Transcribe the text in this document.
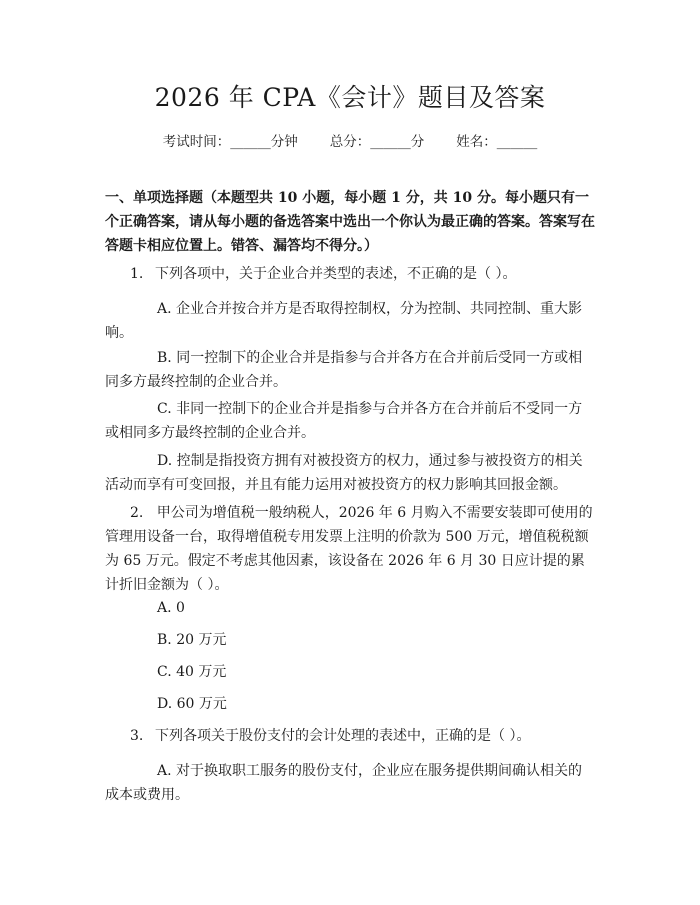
2026 年 CPA《会计》题目及答案
考试时间：______分钟 总分：______分 姓名：______
一、单项选择题（本题型共 10 小题，每小题 1 分，共 10 分。每小题只有一个正确答案，请从每小题的备选答案中选出一个你认为最正确的答案。答案写在答题卡相应位置上。错答、漏答均不得分。）
1. 下列各项中，关于企业合并类型的表述，不正确的是（ ）。
A. 企业合并按合并方是否取得控制权，分为控制、共同控制、重大影响。
B. 同一控制下的企业合并是指参与合并各方在合并前后受同一方或相同多方最终控制的企业合并。
C. 非同一控制下的企业合并是指参与合并各方在合并前后不受同一方或相同多方最终控制的企业合并。
D. 控制是指投资方拥有对被投资方的权力，通过参与被投资方的相关活动而享有可变回报，并且有能力运用对被投资方的权力影响其回报金额。
2. 甲公司为增值税一般纳税人，2026 年 6 月购入不需要安装即可使用的管理用设备一台，取得增值税专用发票上注明的价款为 500 万元，增值税税额为 65 万元。假定不考虑其他因素，该设备在 2026 年 6 月 30 日应计提的累计折旧金额为（ ）。
A. 0
B. 20 万元
C. 40 万元
D. 60 万元
3. 下列各项关于股份支付的会计处理的表述中，正确的是（ ）。
A. 对于换取职工服务的股份支付，企业应在服务提供期间确认相关的成本或费用。
